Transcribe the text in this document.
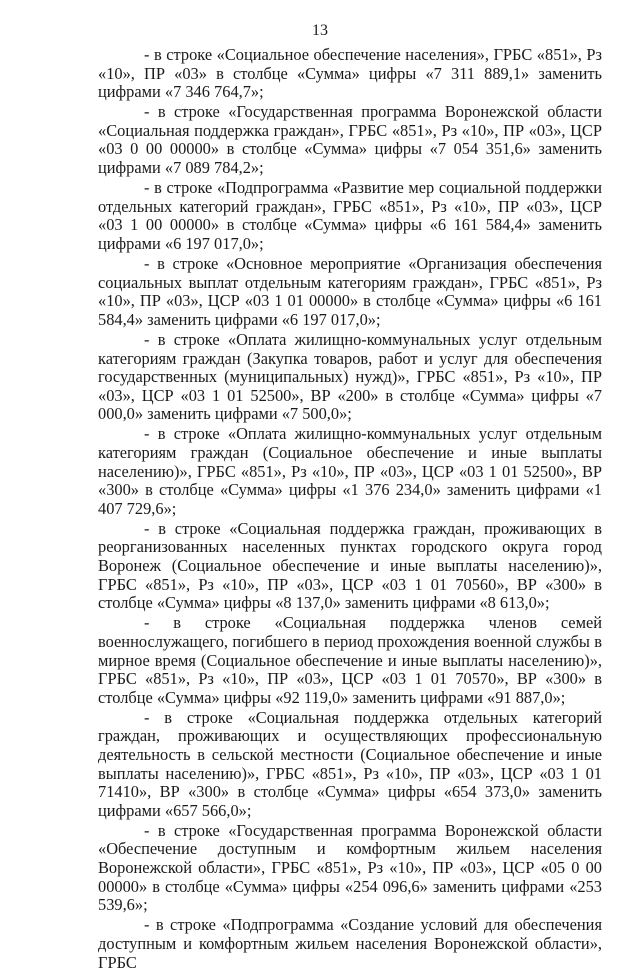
13

- в строке «Социальное обеспечение населения», ГРБС «851», Рз «10», ПР «03» в столбце «Сумма» цифры «7 311 889,1» заменить цифрами «7 346 764,7»;

- в строке «Государственная программа Воронежской области «Социальная поддержка граждан», ГРБС «851», Рз «10», ПР «03», ЦСР «03 0 00 00000» в столбце «Сумма» цифры «7 054 351,6» заменить цифрами «7 089 784,2»;

- в строке «Подпрограмма «Развитие мер социальной поддержки отдельных категорий граждан», ГРБС «851», Рз «10», ПР «03», ЦСР «03 1 00 00000» в столбце «Сумма» цифры «6 161 584,4» заменить цифрами «6 197 017,0»;

- в строке «Основное мероприятие «Организация обеспечения социальных выплат отдельным категориям граждан», ГРБС «851», Рз «10», ПР «03», ЦСР «03 1 01 00000» в столбце «Сумма» цифры «6 161 584,4» заменить цифрами «6 197 017,0»;

- в строке «Оплата жилищно-коммунальных услуг отдельным категориям граждан (Закупка товаров, работ и услуг для обеспечения государственных (муниципальных) нужд)», ГРБС «851», Рз «10», ПР «03», ЦСР «03 1 01 52500», ВР «200» в столбце «Сумма» цифры «7 000,0» заменить цифрами «7 500,0»;

- в строке «Оплата жилищно-коммунальных услуг отдельным категориям граждан (Социальное обеспечение и иные выплаты населению)», ГРБС «851», Рз «10», ПР «03», ЦСР «03 1 01 52500», ВР «300» в столбце «Сумма» цифры «1 376 234,0» заменить цифрами «1 407 729,6»;

- в строке «Социальная поддержка граждан, проживающих в реорганизованных населенных пунктах городского округа город Воронеж (Социальное обеспечение и иные выплаты населению)», ГРБС «851», Рз «10», ПР «03», ЦСР «03 1 01 70560», ВР «300» в столбце «Сумма» цифры «8 137,0» заменить цифрами «8 613,0»;

- в строке «Социальная поддержка членов семей военнослужащего, погибшего в период прохождения военной службы в мирное время (Социальное обеспечение и иные выплаты населению)», ГРБС «851», Рз «10», ПР «03», ЦСР «03 1 01 70570», ВР «300» в столбце «Сумма» цифры «92 119,0» заменить цифрами «91 887,0»;

- в строке «Социальная поддержка отдельных категорий граждан, проживающих и осуществляющих профессиональную деятельность в сельской местности (Социальное обеспечение и иные выплаты населению)», ГРБС «851», Рз «10», ПР «03», ЦСР «03 1 01 71410», ВР «300» в столбце «Сумма» цифры «654 373,0» заменить цифрами «657 566,0»;

- в строке «Государственная программа Воронежской области «Обеспечение доступным и комфортным жильем населения Воронежской области», ГРБС «851», Рз «10», ПР «03», ЦСР «05 0 00 00000» в столбце «Сумма» цифры «254 096,6» заменить цифрами «253 539,6»;

- в строке «Подпрограмма «Создание условий для обеспечения доступным и комфортным жильем населения Воронежской области», ГРБС
